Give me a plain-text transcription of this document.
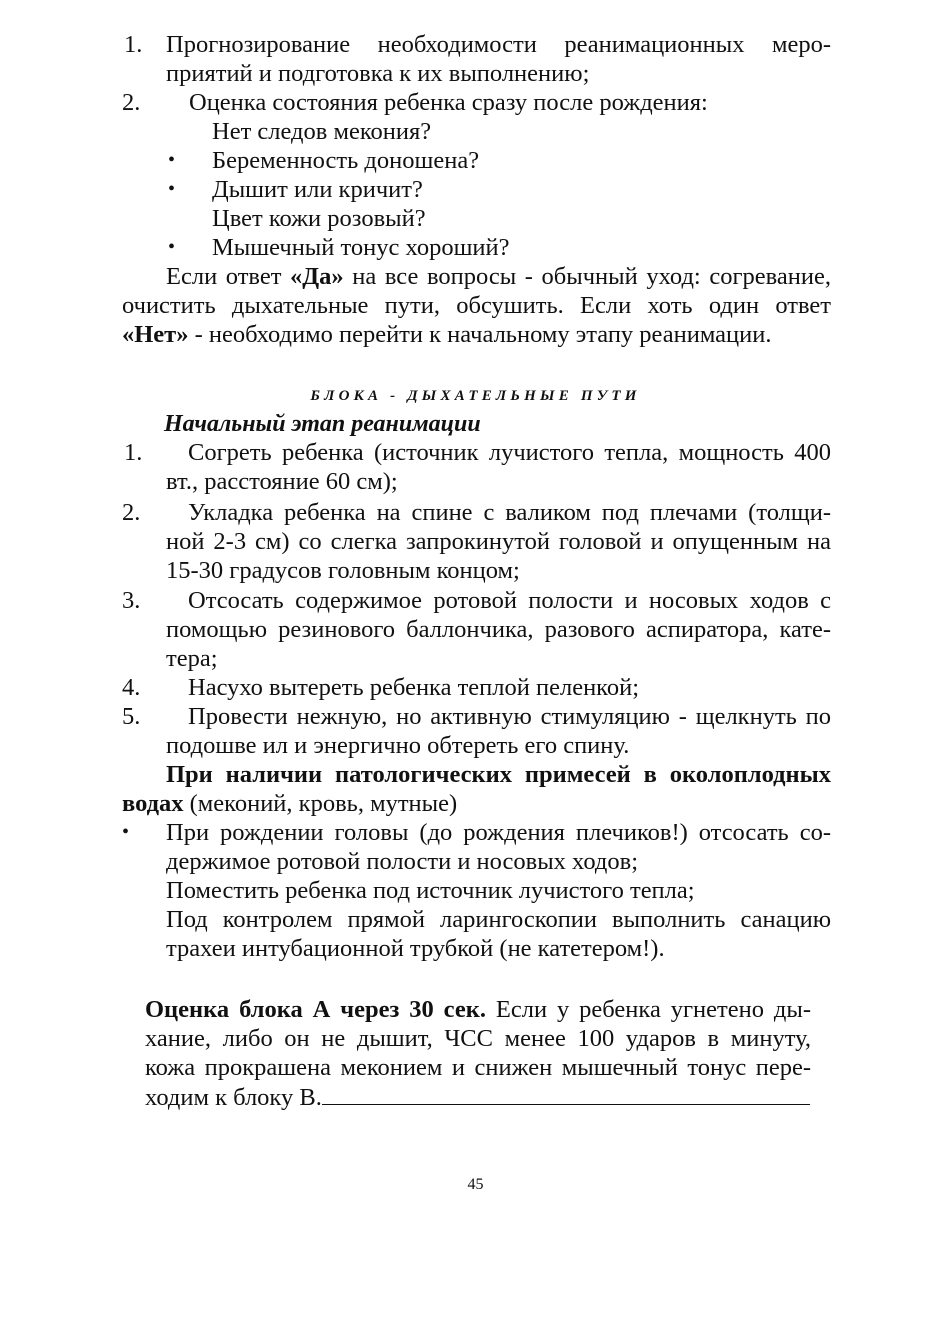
1. Прогнозирование необходимости реанимационных меро-
приятий и подготовка к их выполнению;
2. Оценка состояния ребенка сразу после рождения:
Нет следов мекония?
• Беременность доношена?
• Дышит или кричит?
Цвет кожи розовый?
• Мышечный тонус хороший?
Если ответ «Да» на все вопросы - обычный уход: согревание,
очистить дыхательные пути, обсушить. Если хоть один ответ
«Нет» - необходимо перейти к начальному этапу реанимации.
БЛОКА - ДЫХАТЕЛЬНЫЕ ПУТИ
Начальный этап реанимации
1. Согреть ребенка (источник лучистого тепла, мощность 400
вт., расстояние 60 см);
2. Укладка ребенка на спине с валиком под плечами (толщи-
ной 2-3 см) со слегка запрокинутой головой и опущенным на
15-30 градусов головным концом;
3. Отсосать содержимое ротовой полости и носовых ходов с
помощью резинового баллончика, разового аспиратора, кате-
тера;
4. Насухо вытереть ребенка теплой пеленкой;
5. Провести нежную, но активную стимуляцию - щелкнуть по
подошве ил и энергично обтереть его спину.
При наличии патологических примесей в околоплодных
водах (меконий, кровь, мутные)
• При рождении головы (до рождения плечиков!) отсосать со-
держимое ротовой полости и носовых ходов;
Поместить ребенка под источник лучистого тепла;
Под контролем прямой ларингоскопии выполнить санацию
трахеи интубационной трубкой (не катетером!).
Оценка блока А через 30 сек. Если у ребенка угнетено ды-
хание, либо он не дышит, ЧСС менее 100 ударов в минуту,
кожа прокрашена меконием и снижен мышечный тонус пере-
ходим к блоку В.
45
